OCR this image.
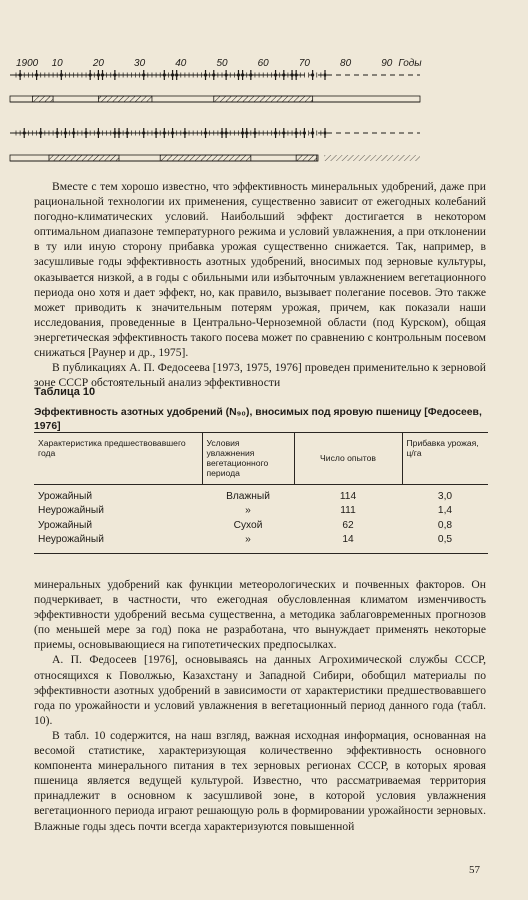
1900 10	20	30	40	50	60	70	80	90 Годы

Вместе с тем хорошо известно, что эффективность минеральных удобрений, даже при рациональной технологии их применения, существенно зависит от ежегодных колебаний погодно-климатических условий. Наибольший эффект достигается в некотором оптимальном диапазоне температурного режима и условий увлажнения, а при отклонении в ту или иную сторону прибавка урожая существенно снижается. Так, например, в засушливые годы эффективность азотных удобрений, вносимых под зерновые культуры, оказывается низкой, а в годы с обильными или избыточным увлажнением вегетационного периода оно хотя и дает эффект, но, как правило, вызывает полегание посевов. Это также может приводить к значительным потерям урожая, причем, как показали наши исследования, проведенные в Центрально-Черноземной области (под Курском), общая энергетическая эффективность такого посева может по сравнению с контрольным посевом снижаться [Раунер и др., 1975].

В публикациях А. П. Федосеева [1973, 1975, 1976] проведен применительно к зерновой зоне СССР обстоятельный анализ эффективности

Таблица 10

Эффективность азотных удобрений (N₉₀), вносимых под яровую пшеницу [Федосеев, 1976]

Характеристика предшествовавшего года	Условия увлажнения вегетационного периода	Число опытов	Прибавка урожая, ц/га
Урожайный	Влажный	114	3,0
Неурожайный	»	111	1,4
Урожайный	Сухой	62	0,8
Неурожайный	»	14	0,5

минеральных удобрений как функции метеорологических и почвенных факторов. Он подчеркивает, в частности, что ежегодная обусловленная климатом изменчивость эффективности удобрений весьма существенна, а методика заблаговременных прогнозов (по меньшей мере за год) пока не разработана, что вынуждает применять некоторые приемы, основывающиеся на гипотетических предпосылках.

А. П. Федосеев [1976], основываясь на данных Агрохимической службы СССР, относящихся к Поволжью, Казахстану и Западной Сибири, обобщил материалы по эффективности азотных удобрений в зависимости от характеристики предшествовавшего года по урожайности и условий увлажнения в вегетационный период данного года (табл. 10).

В табл. 10 содержится, на наш взгляд, важная исходная информация, основанная на весомой статистике, характеризующая количественно эффективность основного компонента минерального питания в тех зерновых регионах СССР, в которых яровая пшеница является ведущей культурой. Известно, что рассматриваемая территория принадлежит в основном к засушливой зоне, в которой условия увлажнения вегетационного периода играют решающую роль в формировании урожайности зерновых. Влажные годы здесь почти всегда характеризуются повышенной

57
